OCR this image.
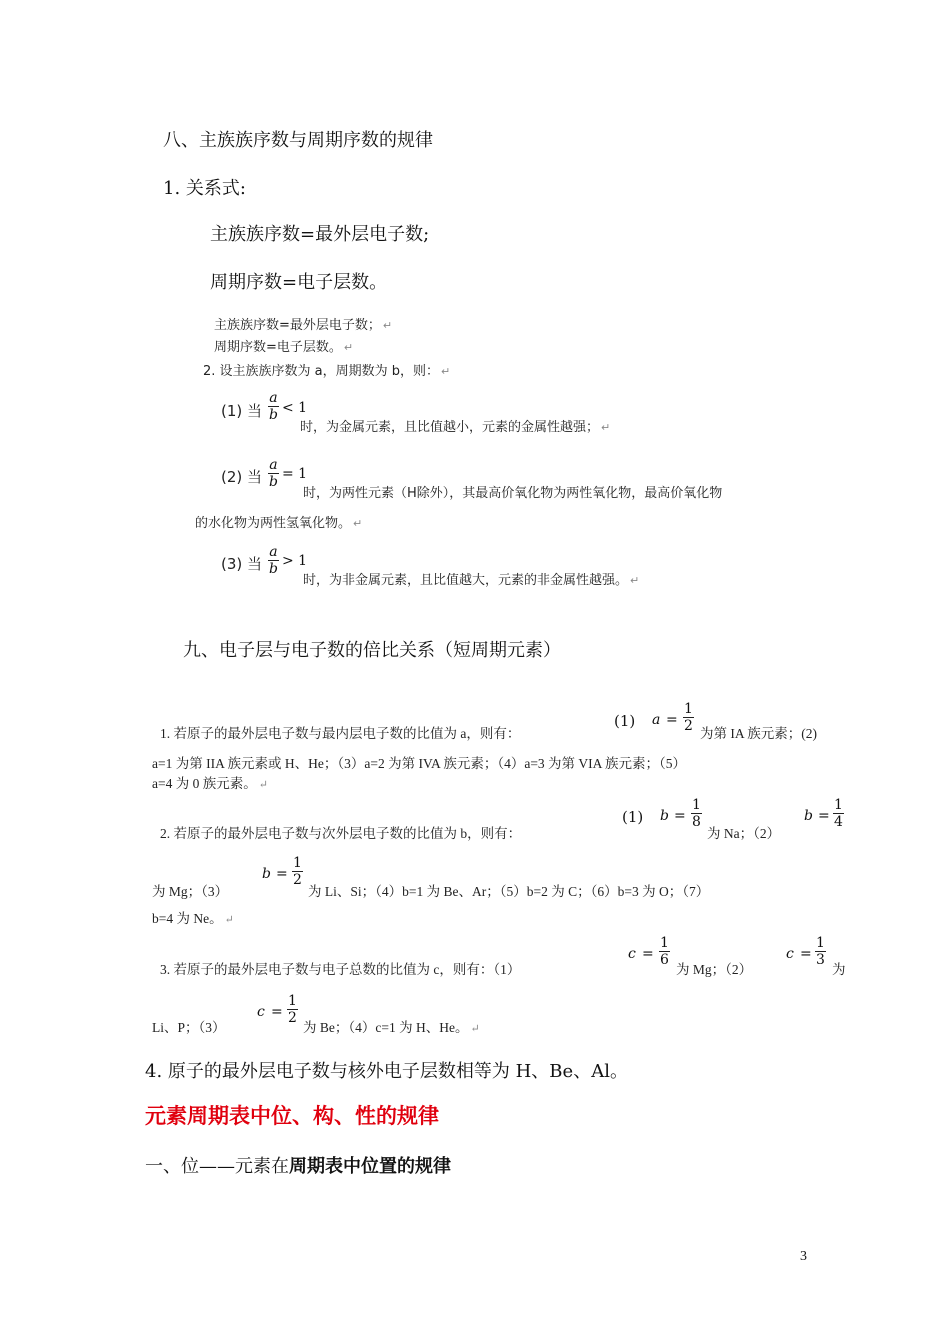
八、主族族序数与周期序数的规律
1. 关系式:
主族族序数=最外层电子数;
周期序数=电子层数。
主族族序数=最外层电子数； ↵
周期序数=电子层数。 ↵
2. 设主族族序数为 a，周期数为 b，则： ↵
(1) 当
a
b < 1
时，为金属元素，且比值越小，元素的金属性越强； ↵
(2) 当
a
b = 1
时，为两性元素（H除外），其最高价氧化物为两性氧化物，最高价氧化物
的水化物为两性氢氧化物。 ↵
(3) 当
a
b > 1
时，为非金属元素，且比值越大，元素的非金属性越强。 ↵
九、电子层与电子数的倍比关系（短周期元素）
1. 若原子的最外层电子数与最内层电子数的比值为 a，则有：
(1) a =
1
2 为第 IA 族元素；(2)
a=1 为第 IIA 族元素或 H、He；（3）a=2 为第 IVA 族元素；（4）a=3 为第 VIA 族元素；（5）
a=4 为 0 族元素。 ↵
2. 若原子的最外层电子数与次外层电子数的比值为 b，则有：
(1) b =
1
8
为 Na；（2）
b =
1
4
为 Mg；（3）
b =
1
2
为 Li、Si；（4）b=1 为 Be、Ar；（5）b=2 为 C；（6）b=3 为 O；（7）
b=4 为 Ne。 ↵
3. 若原子的最外层电子数与电子总数的比值为 c，则有：（1）
c =
1
6
为 Mg；（2）
c =
1
3
为
Li、P；（3）
c =
1
2
为 Be；（4）c=1 为 H、He。 ↵
4. 原子的最外层电子数与核外电子层数相等为 H、Be、Al。
元素周期表中位、构、性的规律
一、位——元素在周期表中位置的规律
3
